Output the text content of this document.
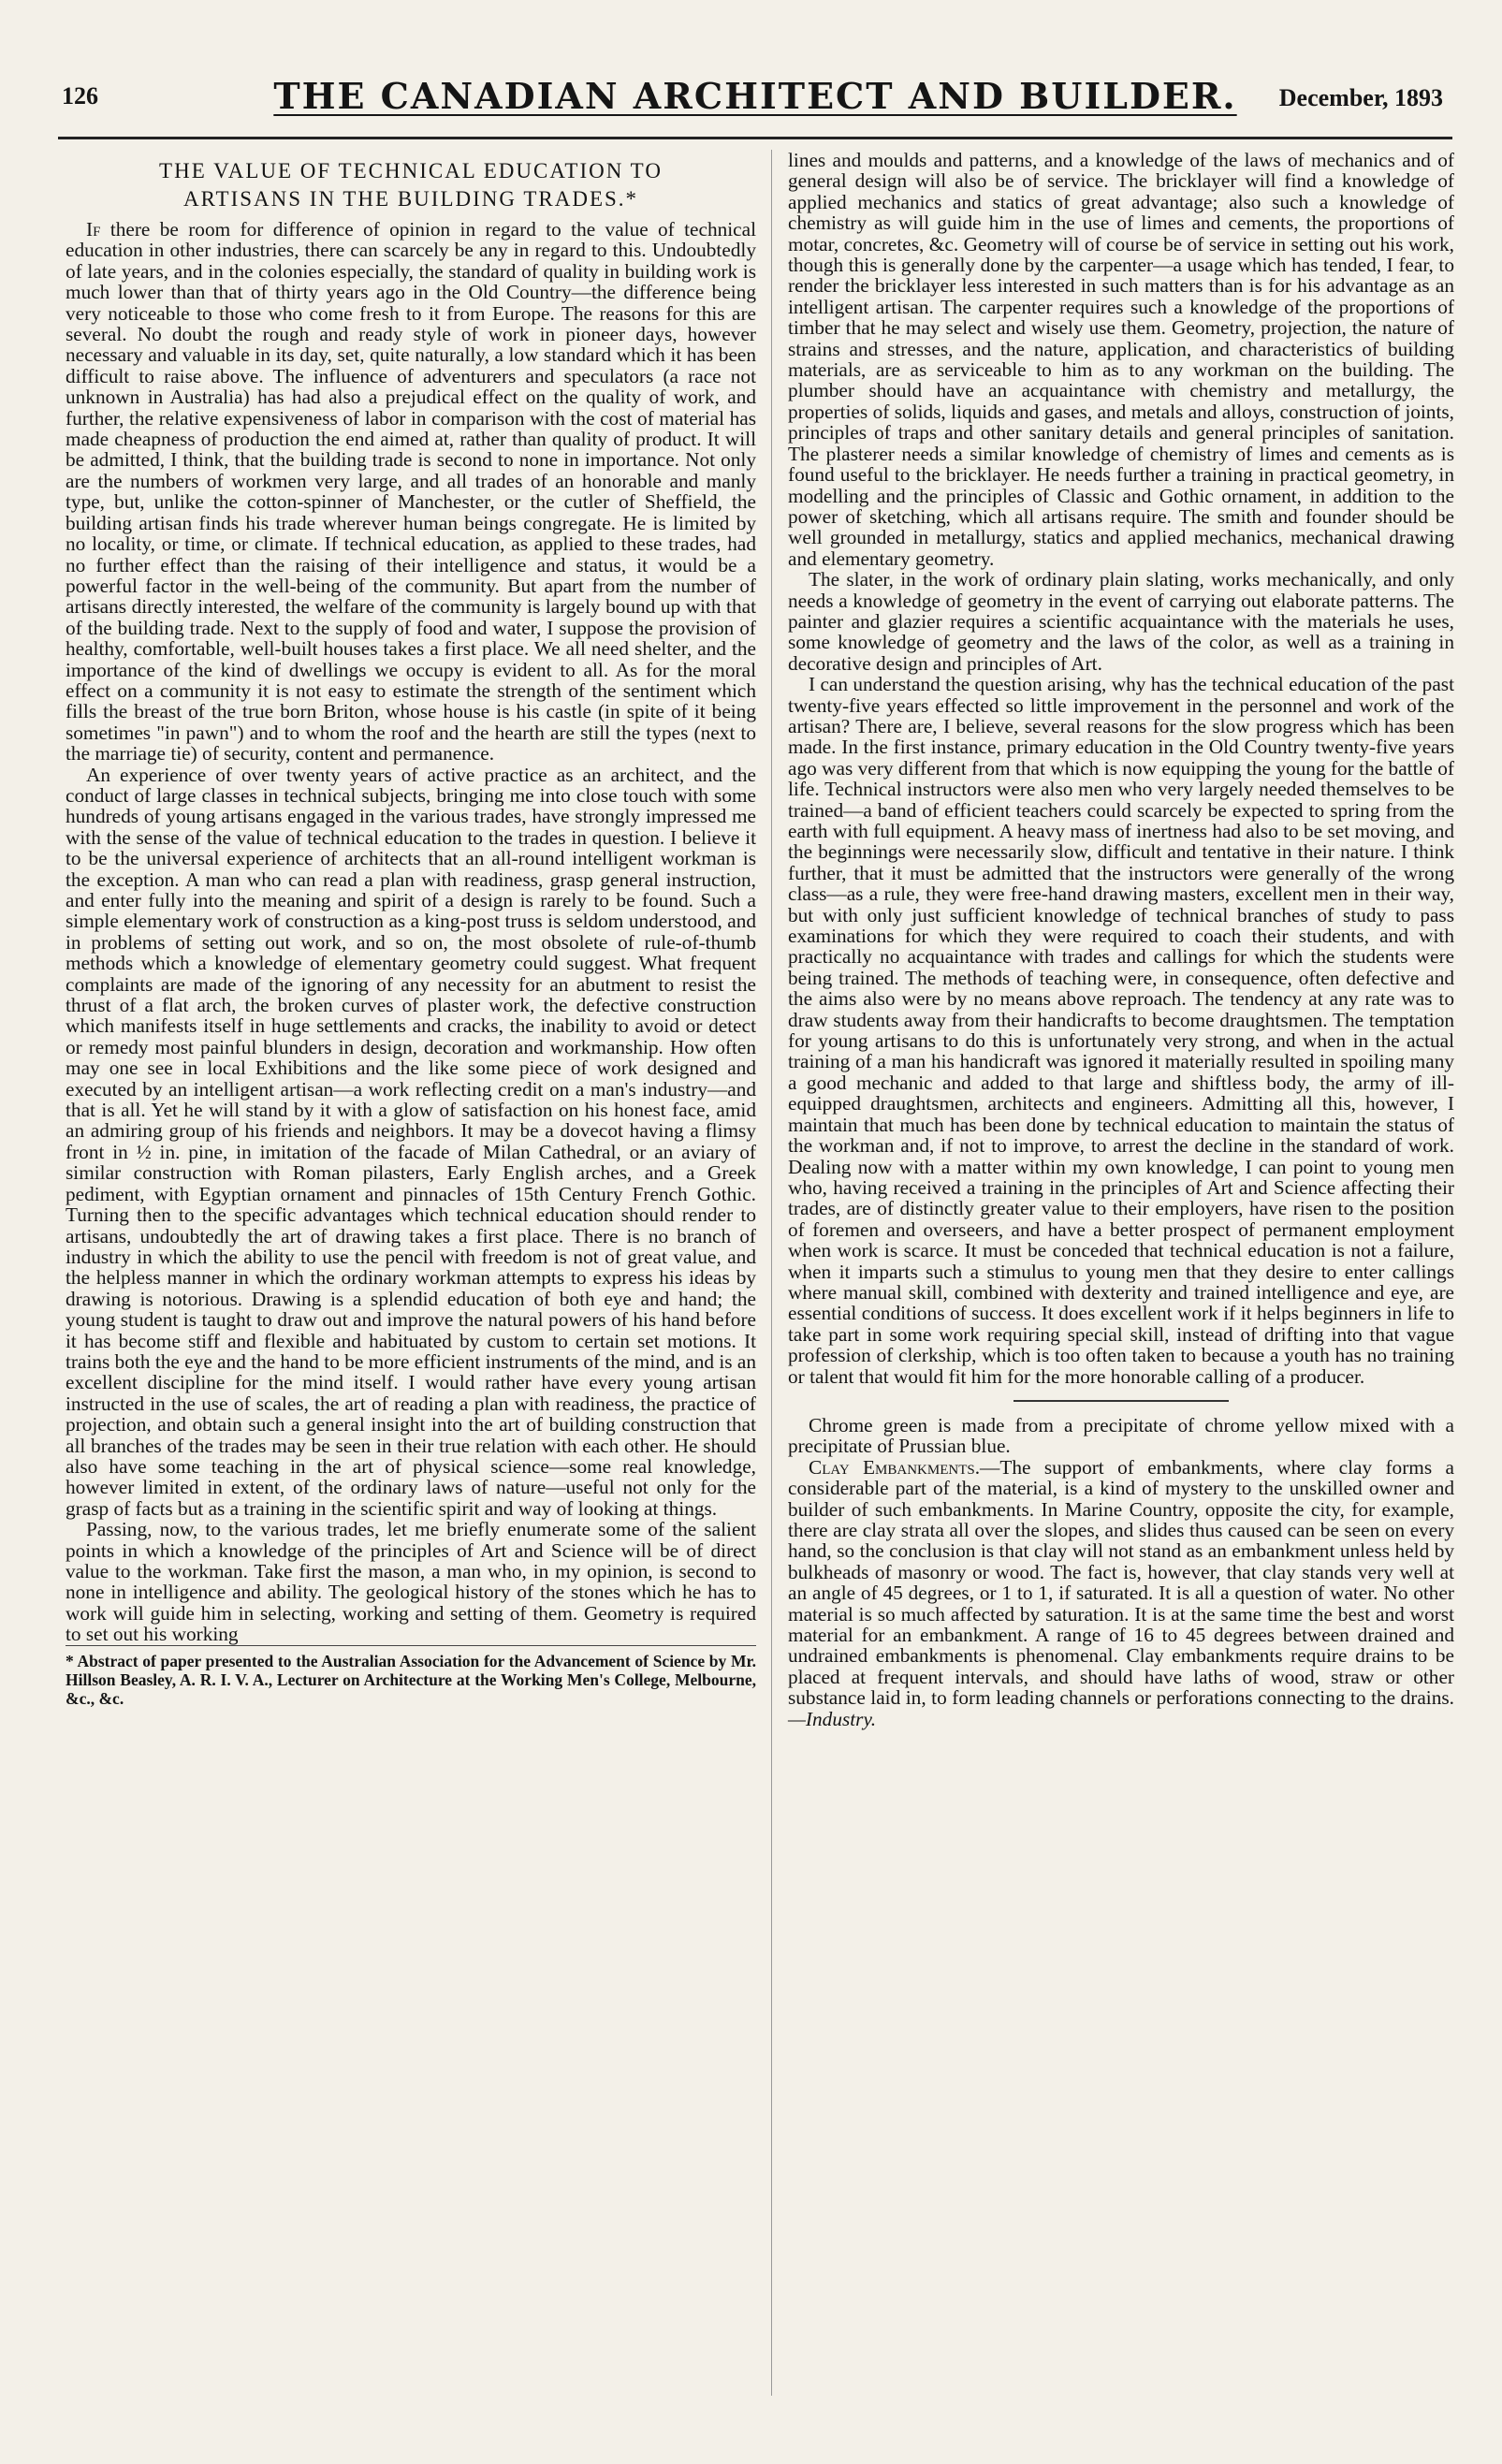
126	THE CANADIAN ARCHITECT AND BUILDER.	December, 1893
THE VALUE OF TECHNICAL EDUCATION TO
ARTISANS IN THE BUILDING TRADES.*

If there be room for difference of opinion in regard to the value of technical education in other industries, there can scarcely be any in regard to this. Undoubtedly of late years, and in the colonies especially, the standard of quality in building work is much lower than that of thirty years ago in the Old Country—the difference being very noticeable to those who come fresh to it from Europe. The reasons for this are several. No doubt the rough and ready style of work in pioneer days, however necessary and valuable in its day, set, quite naturally, a low standard which it has been difficult to raise above. The influence of adventurers and speculators (a race not unknown in Australia) has had also a prejudical effect on the quality of work, and further, the relative expensiveness of labor in comparison with the cost of material has made cheapness of production the end aimed at, rather than quality of product. It will be admitted, I think, that the building trade is second to none in importance. Not only are the numbers of workmen very large, and all trades of an honorable and manly type, but, unlike the cotton-spinner of Manchester, or the cutler of Sheffield, the building artisan finds his trade wherever human beings congregate. He is limited by no locality, or time, or climate. If technical education, as applied to these trades, had no further effect than the raising of their intelligence and status, it would be a powerful factor in the well-being of the community. But apart from the number of artisans directly interested, the welfare of the community is largely bound up with that of the building trade. Next to the supply of food and water, I suppose the provision of healthy, comfortable, well-built houses takes a first place. We all need shelter, and the importance of the kind of dwellings we occupy is evident to all. As for the moral effect on a community it is not easy to estimate the strength of the sentiment which fills the breast of the true born Briton, whose house is his castle (in spite of it being sometimes "in pawn") and to whom the roof and the hearth are still the types (next to the marriage tie) of security, content and permanence.

An experience of over twenty years of active practice as an architect, and the conduct of large classes in technical subjects, bringing me into close touch with some hundreds of young artisans engaged in the various trades, have strongly impressed me with the sense of the value of technical education to the trades in question. I believe it to be the universal experience of architects that an all-round intelligent workman is the exception. A man who can read a plan with readiness, grasp general instruction, and enter fully into the meaning and spirit of a design is rarely to be found. Such a simple elementary work of construction as a king-post truss is seldom understood, and in problems of setting out work, and so on, the most obsolete of rule-of-thumb methods which a knowledge of elementary geometry could suggest. What frequent complaints are made of the ignoring of any necessity for an abutment to resist the thrust of a flat arch, the broken curves of plaster work, the defective construction which manifests itself in huge settlements and cracks, the inability to avoid or detect or remedy most painful blunders in design, decoration and workmanship. How often may one see in local Exhibitions and the like some piece of work designed and executed by an intelligent artisan—a work reflecting credit on a man's industry—and that is all. Yet he will stand by it with a glow of satisfaction on his honest face, amid an admiring group of his friends and neighbors. It may be a dovecot having a flimsy front in ½ in. pine, in imitation of the facade of Milan Cathedral, or an aviary of similar construction with Roman pilasters, Early English arches, and a Greek pediment, with Egyptian ornament and pinnacles of 15th Century French Gothic. Turning then to the specific advantages which technical education should render to artisans, undoubtedly the art of drawing takes a first place. There is no branch of industry in which the ability to use the pencil with freedom is not of great value, and the helpless manner in which the ordinary workman attempts to express his ideas by drawing is notorious. Drawing is a splendid education of both eye and hand; the young student is taught to draw out and improve the natural powers of his hand before it has become stiff and flexible and habituated by custom to certain set motions. It trains both the eye and the hand to be more efficient instruments of the mind, and is an excellent discipline for the mind itself. I would rather have every young artisan instructed in the use of scales, the art of reading a plan with readiness, the practice of projection, and obtain such a general insight into the art of building construction that all branches of the trades may be seen in their true relation with each other. He should also have some teaching in the art of physical science—some real knowledge, however limited in extent, of the ordinary laws of nature—useful not only for the grasp of facts but as a training in the scientific spirit and way of looking at things.

Passing, now, to the various trades, let me briefly enumerate some of the salient points in which a knowledge of the principles of Art and Science will be of direct value to the workman. Take first the mason, a man who, in my opinion, is second to none in intelligence and ability. The geological history of the stones which he has to work will guide him in selecting, working and setting of them. Geometry is required to set out his working

* Abstract of paper presented to the Australian Association for the Advancement of Science by Mr. Hillson Beasley, A. R. I. V. A., Lecturer on Architecture at the Working Men's College, Melbourne, &c., &c.

lines and moulds and patterns, and a knowledge of the laws of mechanics and of general design will also be of service. The bricklayer will find a knowledge of applied mechanics and statics of great advantage; also such a knowledge of chemistry as will guide him in the use of limes and cements, the proportions of motar, concretes, &c. Geometry will of course be of service in setting out his work, though this is generally done by the carpenter—a usage which has tended, I fear, to render the bricklayer less interested in such matters than is for his advantage as an intelligent artisan. The carpenter requires such a knowledge of the proportions of timber that he may select and wisely use them. Geometry, projection, the nature of strains and stresses, and the nature, application, and characteristics of building materials, are as serviceable to him as to any workman on the building. The plumber should have an acquaintance with chemistry and metallurgy, the properties of solids, liquids and gases, and metals and alloys, construction of joints, principles of traps and other sanitary details and general principles of sanitation. The plasterer needs a similar knowledge of chemistry of limes and cements as is found useful to the bricklayer. He needs further a training in practical geometry, in modelling and the principles of Classic and Gothic ornament, in addition to the power of sketching, which all artisans require. The smith and founder should be well grounded in metallurgy, statics and applied mechanics, mechanical drawing and elementary geometry.

The slater, in the work of ordinary plain slating, works mechanically, and only needs a knowledge of geometry in the event of carrying out elaborate patterns. The painter and glazier requires a scientific acquaintance with the materials he uses, some knowledge of geometry and the laws of the color, as well as a training in decorative design and principles of Art.

I can understand the question arising, why has the technical education of the past twenty-five years effected so little improvement in the personnel and work of the artisan? There are, I believe, several reasons for the slow progress which has been made. In the first instance, primary education in the Old Country twenty-five years ago was very different from that which is now equipping the young for the battle of life. Technical instructors were also men who very largely needed themselves to be trained—a band of efficient teachers could scarcely be expected to spring from the earth with full equipment. A heavy mass of inertness had also to be set moving, and the beginnings were necessarily slow, difficult and tentative in their nature. I think further, that it must be admitted that the instructors were generally of the wrong class—as a rule, they were free-hand drawing masters, excellent men in their way, but with only just sufficient knowledge of technical branches of study to pass examinations for which they were required to coach their students, and with practically no acquaintance with trades and callings for which the students were being trained. The methods of teaching were, in consequence, often defective and the aims also were by no means above reproach. The tendency at any rate was to draw students away from their handicrafts to become draughtsmen. The temptation for young artisans to do this is unfortunately very strong, and when in the actual training of a man his handicraft was ignored it materially resulted in spoiling many a good mechanic and added to that large and shiftless body, the army of ill-equipped draughtsmen, architects and engineers. Admitting all this, however, I maintain that much has been done by technical education to maintain the status of the workman and, if not to improve, to arrest the decline in the standard of work. Dealing now with a matter within my own knowledge, I can point to young men who, having received a training in the principles of Art and Science affecting their trades, are of distinctly greater value to their employers, have risen to the position of foremen and overseers, and have a better prospect of permanent employment when work is scarce. It must be conceded that technical education is not a failure, when it imparts such a stimulus to young men that they desire to enter callings where manual skill, combined with dexterity and trained intelligence and eye, are essential conditions of success. It does excellent work if it helps beginners in life to take part in some work requiring special skill, instead of drifting into that vague profession of clerkship, which is too often taken to because a youth has no training or talent that would fit him for the more honorable calling of a producer.

Chrome green is made from a precipitate of chrome yellow mixed with a precipitate of Prussian blue.

Clay Embankments.—The support of embankments, where clay forms a considerable part of the material, is a kind of mystery to the unskilled owner and builder of such embankments. In Marine Country, opposite the city, for example, there are clay strata all over the slopes, and slides thus caused can be seen on every hand, so the conclusion is that clay will not stand as an embankment unless held by bulkheads of masonry or wood. The fact is, however, that clay stands very well at an angle of 45 degrees, or 1 to 1, if saturated. It is all a question of water. No other material is so much affected by saturation. It is at the same time the best and worst material for an embankment. A range of 16 to 45 degrees between drained and undrained embankments is phenomenal. Clay embankments require drains to be placed at frequent intervals, and should have laths of wood, straw or other substance laid in, to form leading channels or perforations connecting to the drains.—Industry.
